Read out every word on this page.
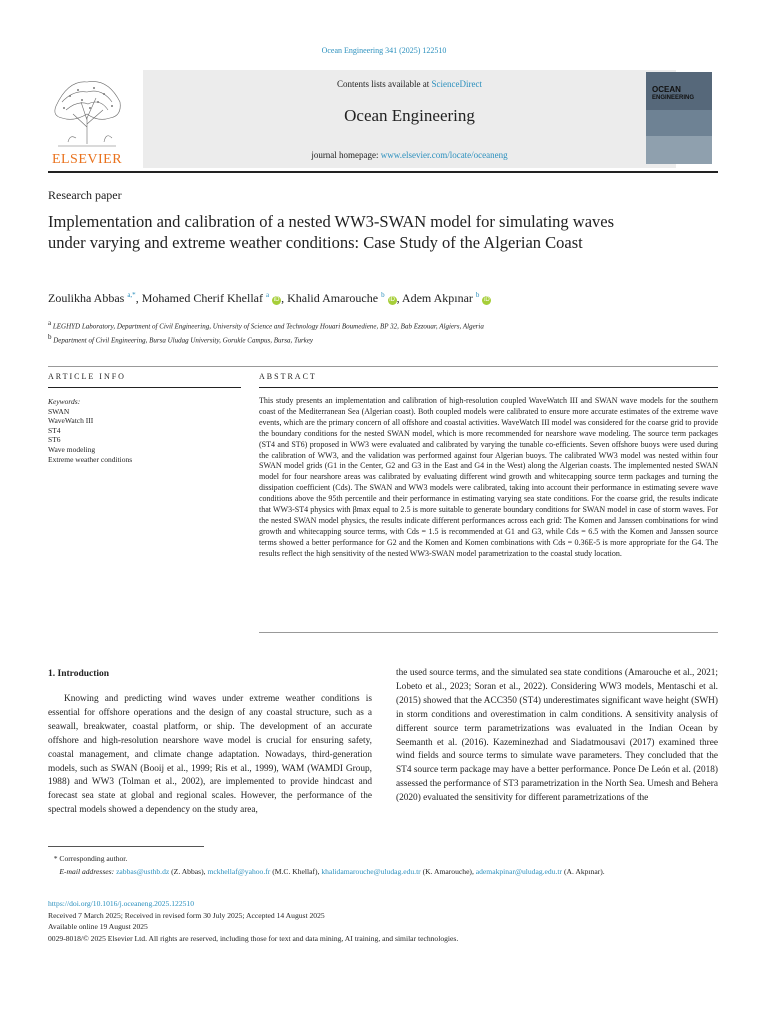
Ocean Engineering 341 (2025) 122510
ELSEVIER
Contents lists available at ScienceDirect
Ocean Engineering
journal homepage: www.elsevier.com/locate/oceaneng
OCEAN
ENGINEERING
Research paper
Implementation and calibration of a nested WW3-SWAN model for simulating waves under varying and extreme weather conditions: Case Study of the Algerian Coast
Zoulikha Abbas $^{a,*}$, Mohamed Cherif Khellaf $^a$ iD , Khalid Amarouche $^b$ iD , Adem Akpınar $^b$ iD
$^a$ LEGHYD Laboratory, Department of Civil Engineering, University of Science and Technology Houari Boumediene, BP 32, Bab Ezzouar, Algiers, Algeria
$^b$ Department of Civil Engineering, Bursa Uludag University, Gorukle Campus, Bursa, Turkey
ARTICLE INFO	ABSTRACT
Keywords:
SWAN
WaveWatch III
ST4
ST6
Wave modeling
Extreme weather conditions
This study presents an implementation and calibration of high-resolution coupled WaveWatch III and SWAN wave models for the southern coast of the Mediterranean Sea (Algerian coast). Both coupled models were calibrated to ensure more accurate estimates of the extreme wave events, which are the primary concern of all offshore and coastal activities. WaveWatch III model was considered for the coarse grid to provide the boundary conditions for the nested SWAN model, which is more recommended for nearshore wave modeling. The source term packages (ST4 and ST6) proposed in WW3 were evaluated and calibrated by varying the tunable co-efficients. Seven offshore buoys were used during the calibration of WW3, and the validation was performed against four Algerian buoys. The calibrated WW3 model was nested within four SWAN model grids (G1 in the Center, G2 and G3 in the East and G4 in the West) along the Algerian coasts. The implemented nested SWAN model for four nearshore areas was calibrated by evaluating different wind growth and whitecapping source term packages and turning the dissipation coefficient (Cds). The SWAN and WW3 models were calibrated, taking into account their performance in estimating severe wave conditions above the 95th percentile and their performance in estimating varying sea state conditions. For the coarse grid, the results indicate that WW3-ST4 physics with βmax equal to 2.5 is more suitable to generate boundary conditions for SWAN model in case of storm waves. For the nested SWAN model physics, the results indicate different performances across each grid: The Komen and Janssen combinations for wind growth and whitecapping source terms, with Cds = 1.5 is recommended at G1 and G3, while Cds = 6.5 with the Komen and Janssen source terms showed a better performance for G2 and the Komen and Komen combinations with Cds = 0.36E-5 is more appropriate for the G4. The results reflect the high sensitivity of the nested WW3-SWAN model parametrization to the coastal study location.
1. Introduction

Knowing and predicting wind waves under extreme weather conditions is essential for offshore operations and the design of any coastal structure, such as a seawall, breakwater, coastal platform, or ship. The development of an accurate offshore and high-resolution nearshore wave model is crucial for ensuring safety, coastal management, and climate change adaptation. Nowadays, third-generation models, such as SWAN (Booij et al., 1999; Ris et al., 1999), WAM (WAMDI Group, 1988) and WW3 (Tolman et al., 2002), are implemented to provide hindcast and forecast sea state at global and regional scales. However, the performance of the spectral models showed a dependency on the study area,

the used source terms, and the simulated sea state conditions (Amarouche et al., 2021; Lobeto et al., 2023; Soran et al., 2022). Considering WW3 models, Mentaschi et al. (2015) showed that the ACC350 (ST4) underestimates significant wave height (SWH) in storm conditions and overestimation in calm conditions. A sensitivity analysis of different source term parametrizations was evaluated in the Indian Ocean by Seemanth et al. (2016). Kazeminezhad and Siadatmousavi (2017) examined three wind fields and source terms to simulate wave parameters. They concluded that the ST4 source term package may have a better performance. Ponce De León et al. (2018) assessed the performance of ST3 parametrization in the North Sea. Umesh and Behera (2020) evaluated the sensitivity for different parametrizations of the

* Corresponding author.

E-mail addresses: zabbas@usthb.dz (Z. Abbas), mckhellaf@yahoo.fr (M.C. Khellaf), khalidamarouche@uludag.edu.tr (K. Amarouche), ademakpinar@uludag.edu.tr (A. Akpınar).

https://doi.org/10.1016/j.oceaneng.2025.122510

Received 7 March 2025; Received in revised form 30 July 2025; Accepted 14 August 2025

Available online 19 August 2025

0029-8018/© 2025 Elsevier Ltd. All rights are reserved, including those for text and data mining, AI training, and similar technologies.
